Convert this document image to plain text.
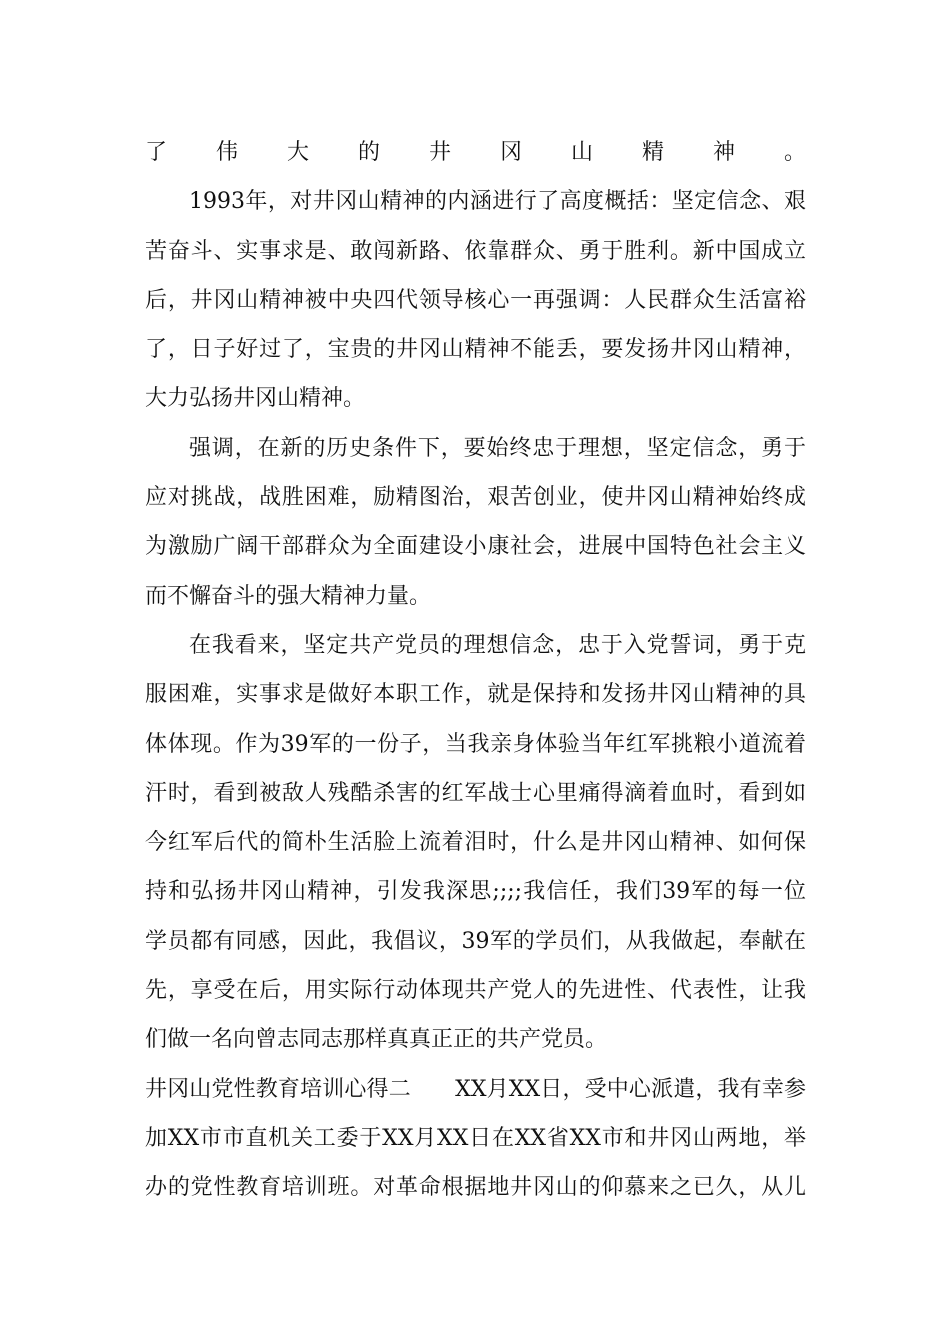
了伟大的井冈山精神。
1993年，对井冈山精神的内涵进行了高度概括：坚定信念、艰
苦奋斗、实事求是、敢闯新路、依靠群众、勇于胜利。新中国成立
后，井冈山精神被中央四代领导核心一再强调：人民群众生活富裕
了，日子好过了，宝贵的井冈山精神不能丢，要发扬井冈山精神，
大力弘扬井冈山精神。
强调，在新的历史条件下，要始终忠于理想，坚定信念，勇于
应对挑战，战胜困难，励精图治，艰苦创业，使井冈山精神始终成
为激励广阔干部群众为全面建设小康社会，进展中国特色社会主义
而不懈奋斗的强大精神力量。
在我看来，坚定共产党员的理想信念，忠于入党誓词，勇于克
服困难，实事求是做好本职工作，就是保持和发扬井冈山精神的具
体体现。作为39军的一份子，当我亲身体验当年红军挑粮小道流着
汗时，看到被敌人残酷杀害的红军战士心里痛得滴着血时，看到如
今红军后代的简朴生活脸上流着泪时，什么是井冈山精神、如何保
持和弘扬井冈山精神，引发我深思;;;;我信任，我们39军的每一位
学员都有同感，因此，我倡议，39军的学员们，从我做起，奉献在
先，享受在后，用实际行动体现共产党人的先进性、代表性，让我
们做一名向曾志同志那样真真正正的共产党员。
井冈山党性教育培训心得二　　XX月XX日，受中心派遣，我有幸参
加XX市市直机关工委于XX月XX日在XX省XX市和井冈山两地，举
办的党性教育培训班。对革命根据地井冈山的仰慕来之已久，从儿
